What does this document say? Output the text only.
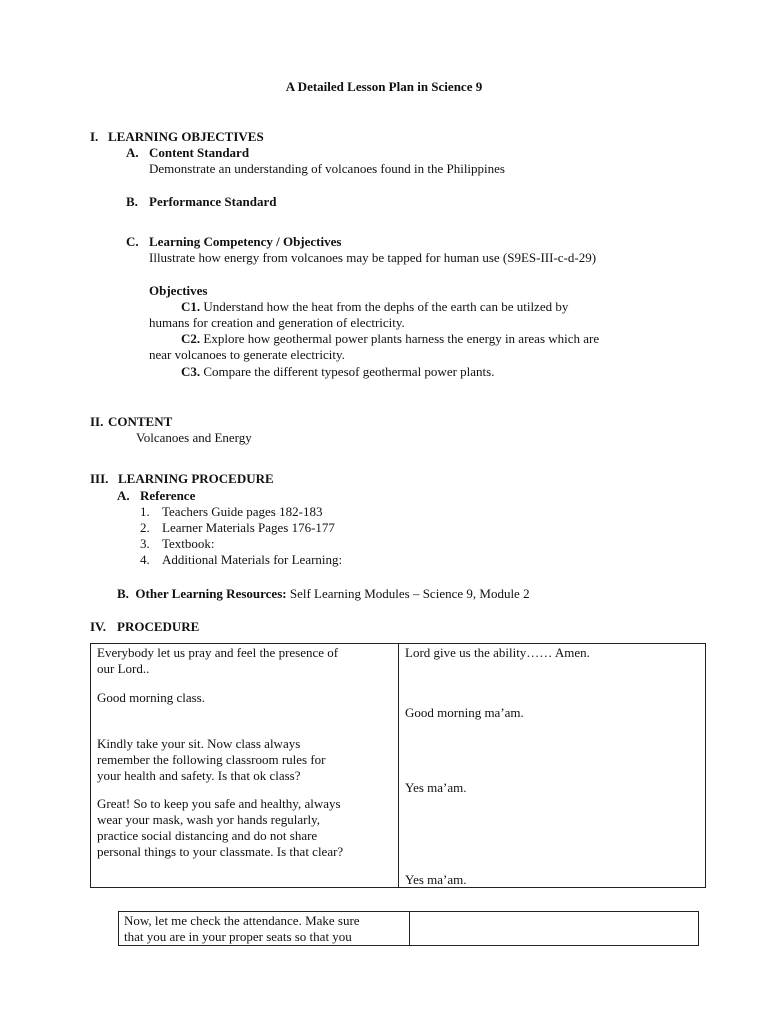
A Detailed Lesson Plan in Science 9
I. LEARNING OBJECTIVES
A. Content Standard
Demonstrate an understanding of volcanoes found in the Philippines
B. Performance Standard
C. Learning Competency / Objectives
Illustrate how energy from volcanoes may be tapped for human use (S9ES-III-c-d-29)
Objectives
C1. Understand how the heat from the dephs of the earth can be utilzed by
humans for creation and generation of electricity.
C2. Explore how geothermal power plants harness the energy in areas which are
near volcanoes to generate electricity.
C3. Compare the different typesof geothermal power plants.
II. CONTENT
Volcanoes and Energy
III. LEARNING PROCEDURE
A. Reference
1. Teachers Guide pages 182-183
2. Learner Materials Pages 176-177
3. Textbook:
4. Additional Materials for Learning:
B. Other Learning Resources: Self Learning Modules – Science 9, Module 2
IV. PROCEDURE
Everybody let us pray and feel the presence of
our Lord..
Good morning class.
Kindly take your sit. Now class always
remember the following classroom rules for
your health and safety. Is that ok class?
Great! So to keep you safe and healthy, always
wear your mask, wash yor hands regularly,
practice social distancing and do not share
personal things to your classmate. Is that clear?
Lord give us the ability…… Amen.
Good morning ma’am.
Yes ma’am.
Yes ma’am.
Now, let me check the attendance. Make sure
that you are in your proper seats so that you
